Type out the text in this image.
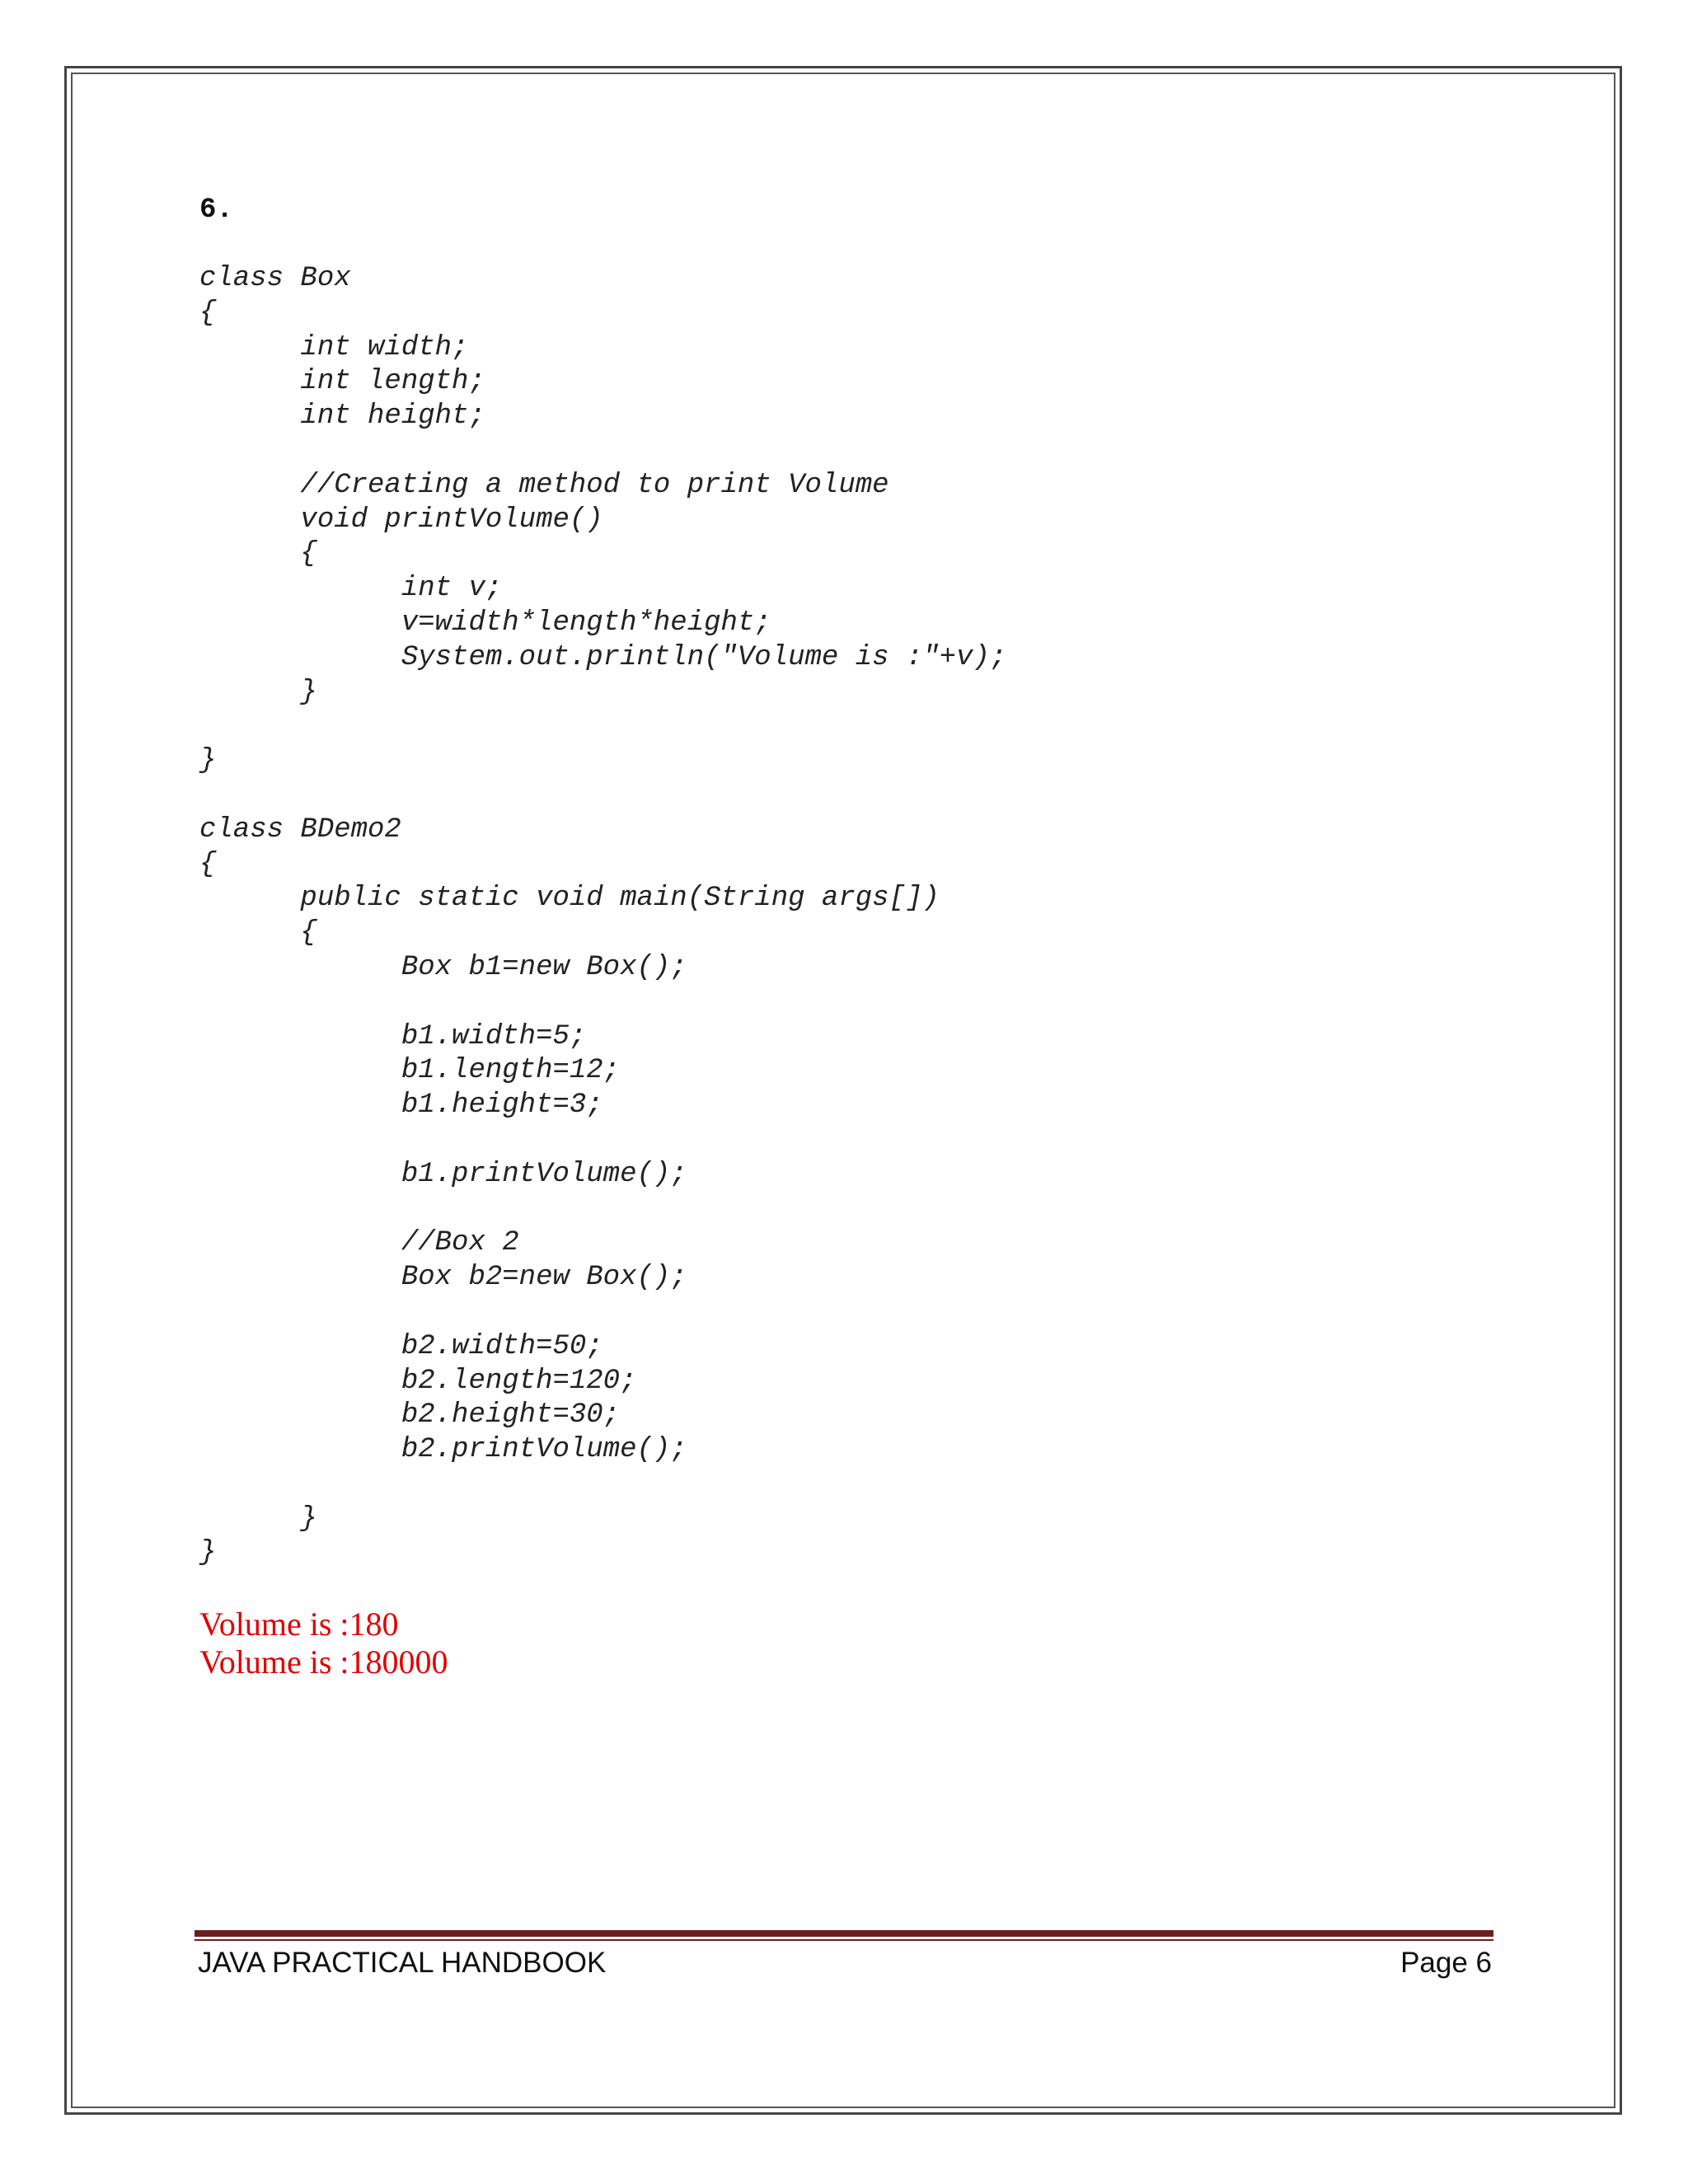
6.
class Box
{
int width;
int length;
int height;

//Creating a method to print Volume
void printVolume()
{
int v;
v=width*length*height;
System.out.println("Volume is :"+v);
}

}

class BDemo2
{
public static void main(String args[])
{
Box b1=new Box();

b1.width=5;
b1.length=12;
b1.height=3;

b1.printVolume();

//Box 2
Box b2=new Box();

b2.width=50;
b2.length=120;
b2.height=30;
b2.printVolume();

}
}
Volume is :180
Volume is :180000
JAVA PRACTICAL HANDBOOK	Page 6
